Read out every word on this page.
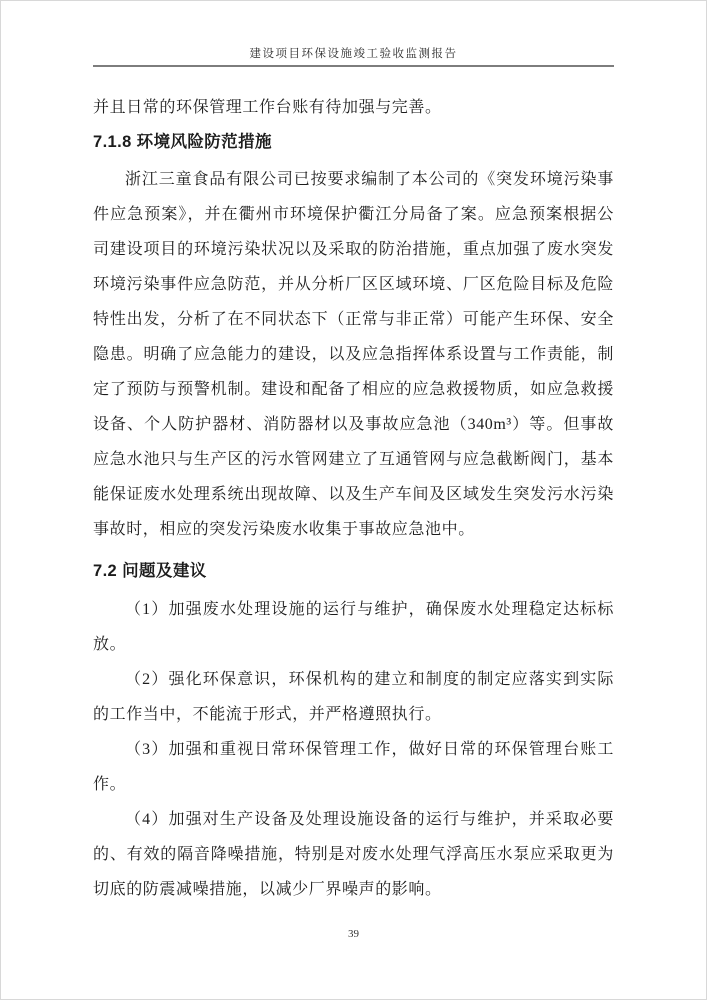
建设项目环保设施竣工验收监测报告

并且日常的环保管理工作台账有待加强与完善。

7.1.8 环境风险防范措施

浙江三童食品有限公司已按要求编制了本公司的《突发环境污染事件应急预案》，并在衢州市环境保护衢江分局备了案。应急预案根据公司建设项目的环境污染状况以及采取的防治措施，重点加强了废水突发环境污染事件应急防范，并从分析厂区区域环境、厂区危险目标及危险特性出发，分析了在不同状态下（正常与非正常）可能产生环保、安全隐患。明确了应急能力的建设，以及应急指挥体系设置与工作责能，制定了预防与预警机制。建设和配备了相应的应急救援物质，如应急救援设备、个人防护器材、消防器材以及事故应急池（340m³）等。但事故应急水池只与生产区的污水管网建立了互通管网与应急截断阀门，基本能保证废水处理系统出现故障、以及生产车间及区域发生突发污水污染事故时，相应的突发污染废水收集于事故应急池中。

7.2 问题及建议

（1）加强废水处理设施的运行与维护，确保废水处理稳定达标标放。

（2）强化环保意识，环保机构的建立和制度的制定应落实到实际的工作当中，不能流于形式，并严格遵照执行。

（3）加强和重视日常环保管理工作，做好日常的环保管理台账工作。

（4）加强对生产设备及处理设施设备的运行与维护，并采取必要的、有效的隔音降噪措施，特别是对废水处理气浮高压水泵应采取更为切底的防震减噪措施，以减少厂界噪声的影响。

39
